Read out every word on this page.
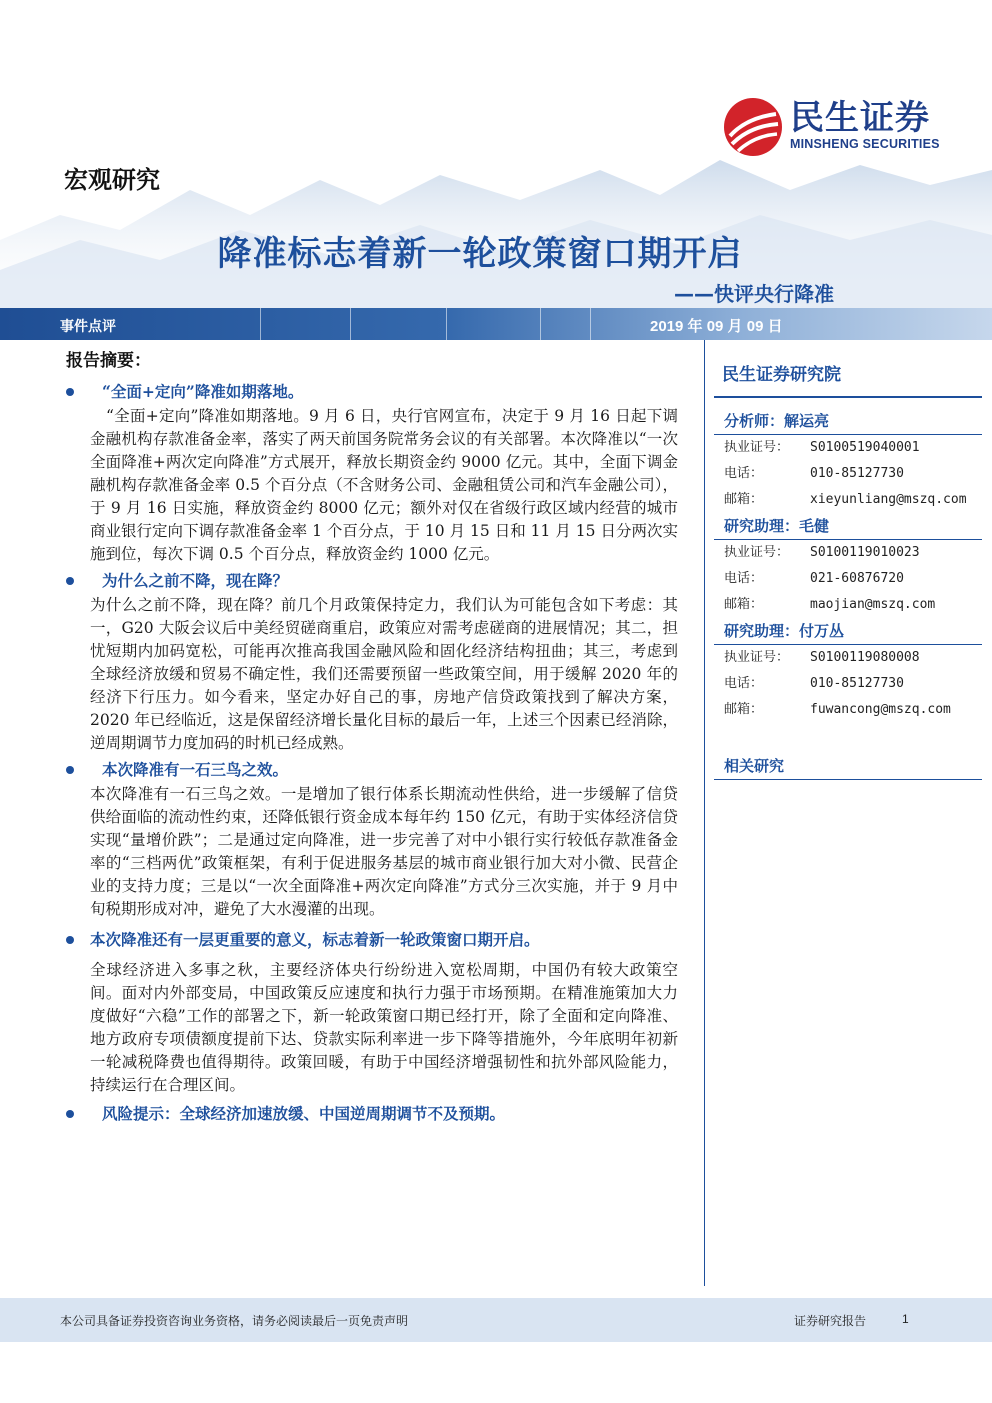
民生证券
MINSHENG SECURITIES
宏观研究
降准标志着新一轮政策窗口期开启
——快评央行降准
事件点评	2019 年 09 月 09 日
报告摘要：
“全面+定向”降准如期落地。

“全面+定向”降准如期落地。9 月 6 日，央行官网宣布，决定于 9 月 16 日起下调金融机构存款准备金率，落实了两天前国务院常务会议的有关部署。本次降准以“一次全面降准+两次定向降准”方式展开，释放长期资金约 9000 亿元。其中，全面下调金融机构存款准备金率 0.5 个百分点（不含财务公司、金融租赁公司和汽车金融公司），于 9 月 16 日实施，释放资金约 8000 亿元；额外对仅在省级行政区域内经营的城市商业银行定向下调存款准备金率 1 个百分点，于 10 月 15 日和 11 月 15 日分两次实施到位，每次下调 0.5 个百分点，释放资金约 1000 亿元。

为什么之前不降，现在降？

为什么之前不降，现在降？前几个月政策保持定力，我们认为可能包含如下考虑：其一，G20 大阪会议后中美经贸磋商重启，政策应对需考虑磋商的进展情况；其二，担忧短期内加码宽松，可能再次推高我国金融风险和固化经济结构扭曲；其三，考虑到全球经济放缓和贸易不确定性，我们还需要预留一些政策空间，用于缓解 2020 年的经济下行压力。如今看来，坚定办好自己的事，房地产信贷政策找到了解决方案，2020 年已经临近，这是保留经济增长量化目标的最后一年，上述三个因素已经消除，逆周期调节力度加码的时机已经成熟。

本次降准有一石三鸟之效。

本次降准有一石三鸟之效。一是增加了银行体系长期流动性供给，进一步缓解了信贷供给面临的流动性约束，还降低银行资金成本每年约 150 亿元，有助于实体经济信贷实现“量增价跌”；二是通过定向降准，进一步完善了对中小银行实行较低存款准备金率的“三档两优”政策框架，有利于促进服务基层的城市商业银行加大对小微、民营企业的支持力度；三是以“一次全面降准+两次定向降准”方式分三次实施，并于 9 月中旬税期形成对冲，避免了大水漫灌的出现。

本次降准还有一层更重要的意义，标志着新一轮政策窗口期开启。

全球经济进入多事之秋，主要经济体央行纷纷进入宽松周期，中国仍有较大政策空间。面对内外部变局，中国政策反应速度和执行力强于市场预期。在精准施策加大力度做好“六稳”工作的部署之下，新一轮政策窗口期已经打开，除了全面和定向降准、地方政府专项债额度提前下达、贷款实际利率进一步下降等措施外，今年底明年初新一轮减税降费也值得期待。政策回暖，有助于中国经济增强韧性和抗外部风险能力，持续运行在合理区间。

风险提示：全球经济加速放缓、中国逆周期调节不及预期。
民生证券研究院
分析师：解运亮
执业证号： S0100519040001
电话：	010-85127730
邮箱：	xieyunliang@mszq.com
研究助理：毛健
执业证号： S0100119010023
电话：	021-60876720
邮箱：	maojian@mszq.com
研究助理：付万丛
执业证号： S0100119080008
电话：	010-85127730
邮箱：	fuwancong@mszq.com
相关研究
本公司具备证券投资咨询业务资格，请务必阅读最后一页免责声明	证券研究报告	1
